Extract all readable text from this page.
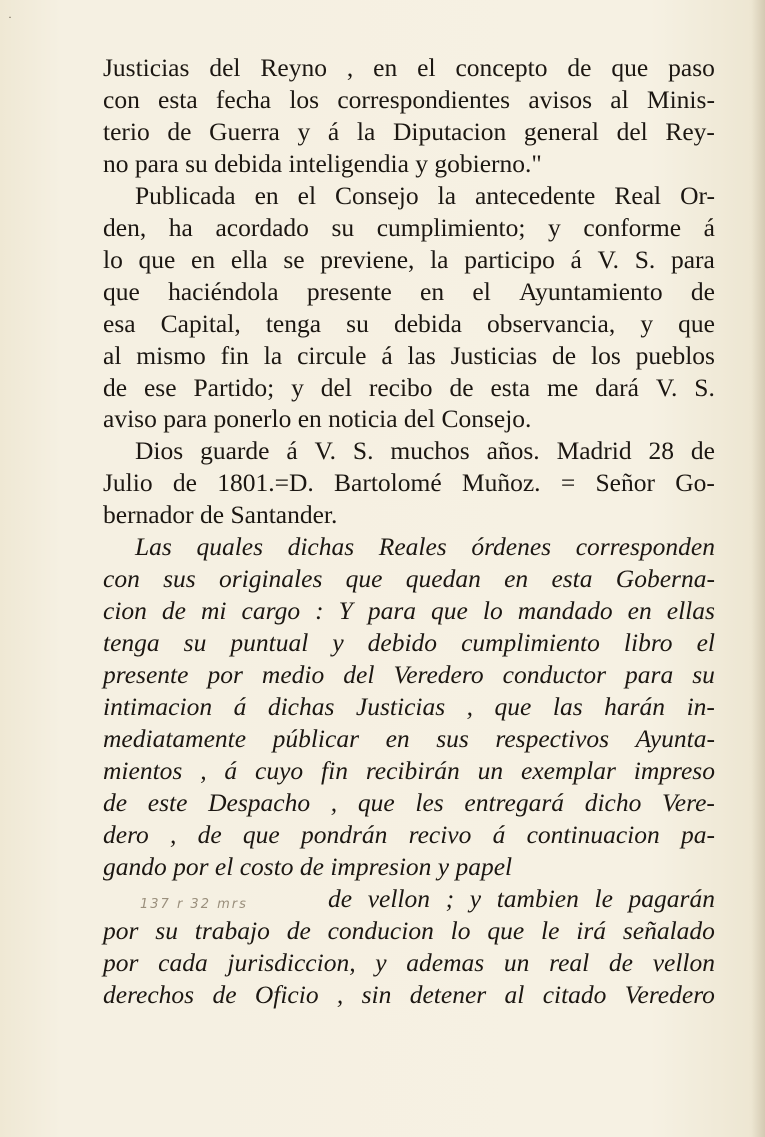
·
Justicias del Reyno , en el concepto de que paso
con esta fecha los correspondientes avisos al Minis-
terio de Guerra y á la Diputacion general del Rey-
no para su debida inteligendia y gobierno."
Publicada en el Consejo la antecedente Real Or-
den, ha acordado su cumplimiento; y conforme á
lo que en ella se previene, la participo á V. S. para
que haciéndola presente en el Ayuntamiento de
esa Capital, tenga su debida observancia, y que
al mismo fin la circule á las Justicias de los pueblos
de ese Partido; y del recibo de esta me dará V. S.
aviso para ponerlo en noticia del Consejo.
Dios guarde á V. S. muchos años. Madrid 28 de
Julio de 1801.=D. Bartolomé Muñoz. = Señor Go-
bernador de Santander.
Las quales dichas Reales órdenes corresponden
con sus originales que quedan en esta Goberna-
cion de mi cargo : Y para que lo mandado en ellas
tenga su puntual y debido cumplimiento libro el
presente por medio del Veredero conductor para su
intimacion á dichas Justicias , que las harán in-
mediatamente públicar en sus respectivos Ayunta-
mientos , á cuyo fin recibirán un exemplar impreso
de este Despacho , que les entregará dicho Vere-
dero , de que pondrán recivo á continuacion pa-
gando por el costo de impresion y papel
de vellon ; y tambien le pagarán
por su trabajo de conducion lo que le irá señalado
por cada jurisdiccion, y ademas un real de vellon
derechos de Oficio , sin detener al citado Veredero
137 r 32 mrs
